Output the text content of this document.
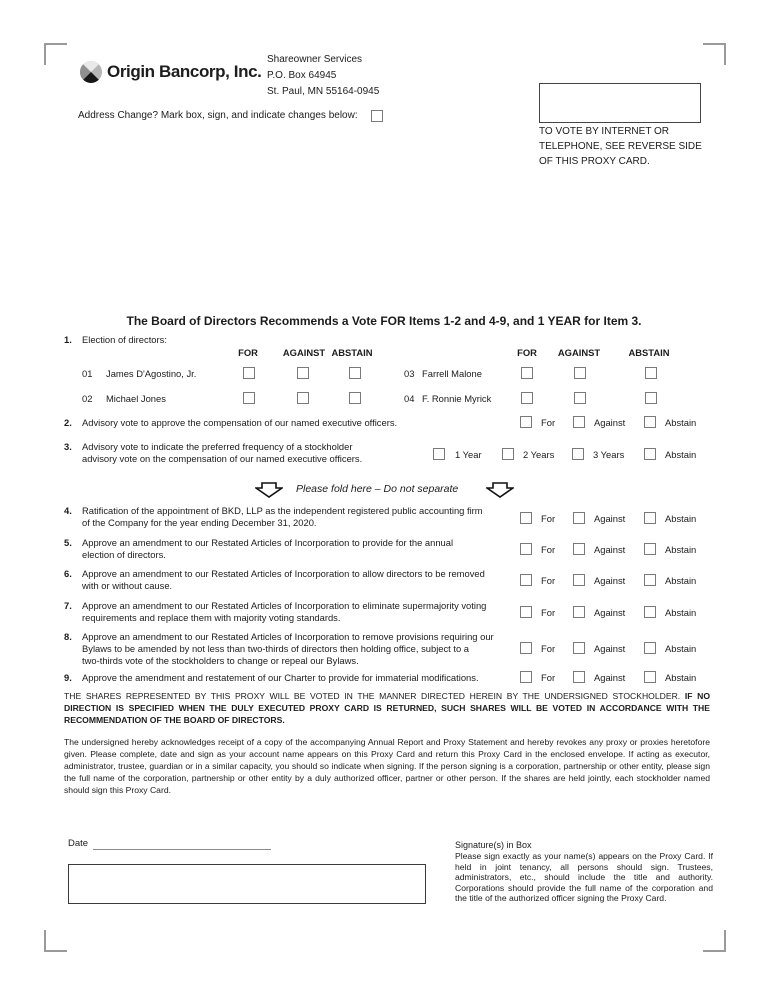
Origin Bancorp, Inc.
Shareowner Services
P.O. Box 64945
St. Paul, MN 55164-0945
Address Change? Mark box, sign, and indicate changes below:
TO VOTE BY INTERNET OR TELEPHONE, SEE REVERSE SIDE OF THIS PROXY CARD.
The Board of Directors Recommends a Vote FOR Items 1-2 and 4-9, and 1 YEAR for Item 3.
1. Election of directors:
FOR	AGAINST ABSTAIN	FOR	AGAINST	ABSTAIN
01 James D'Agostino, Jr.	03 Farrell Malone
02 Michael Jones	04 F. Ronnie Myrick
2. Advisory vote to approve the compensation of our named executive officers.	For	Against	Abstain
3. Advisory vote to indicate the preferred frequency of a stockholder
advisory vote on the compensation of our named executive officers.	1 Year	2 Years	3 Years	Abstain
Please fold here – Do not separate
4. Ratification of the appointment of BKD, LLP as the independent registered public accounting firm
of the Company for the year ending December 31, 2020.	For	Against	Abstain
5. Approve an amendment to our Restated Articles of Incorporation to provide for the annual
election of directors.	For	Against	Abstain
6. Approve an amendment to our Restated Articles of Incorporation to allow directors to be removed
with or without cause.	For	Against	Abstain
7. Approve an amendment to our Restated Articles of Incorporation to eliminate supermajority voting
requirements and replace them with majority voting standards.	For	Against	Abstain
8. Approve an amendment to our Restated Articles of Incorporation to remove provisions requiring our
Bylaws to be amended by not less than two-thirds of directors then holding office, subject to a
two-thirds vote of the stockholders to change or repeal our Bylaws.
For	Against	Abstain
9. Approve the amendment and restatement of our Charter to provide for immaterial modifications.	For	Against	Abstain

THE SHARES REPRESENTED BY THIS PROXY WILL BE VOTED IN THE MANNER DIRECTED HEREIN BY THE UNDERSIGNED STOCKHOLDER. IF NO DIRECTION IS SPECIFIED WHEN THE DULY EXECUTED PROXY CARD IS RETURNED, SUCH SHARES WILL BE VOTED IN ACCORDANCE WITH THE RECOMMENDATION OF THE BOARD OF DIRECTORS.

The undersigned hereby acknowledges receipt of a copy of the accompanying Annual Report and Proxy Statement and hereby revokes any proxy or proxies heretofore given. Please complete, date and sign as your account name appears on this Proxy Card and return this Proxy Card in the enclosed envelope. If acting as executor, administrator, trustee, guardian or in a similar capacity, you should so indicate when signing. If the person signing is a corporation, partnership or other entity, please sign the full name of the corporation, partnership or other entity by a duly authorized officer, partner or other person. If the shares are held jointly, each stockholder named should sign this Proxy Card.

Date	Signature(s) in Box

Please sign exactly as your name(s) appears on the Proxy Card. If held in joint tenancy, all persons should sign. Trustees, administrators, etc., should include the title and authority. Corporations should provide the full name of the corporation and the title of the authorized officer signing the Proxy Card.
